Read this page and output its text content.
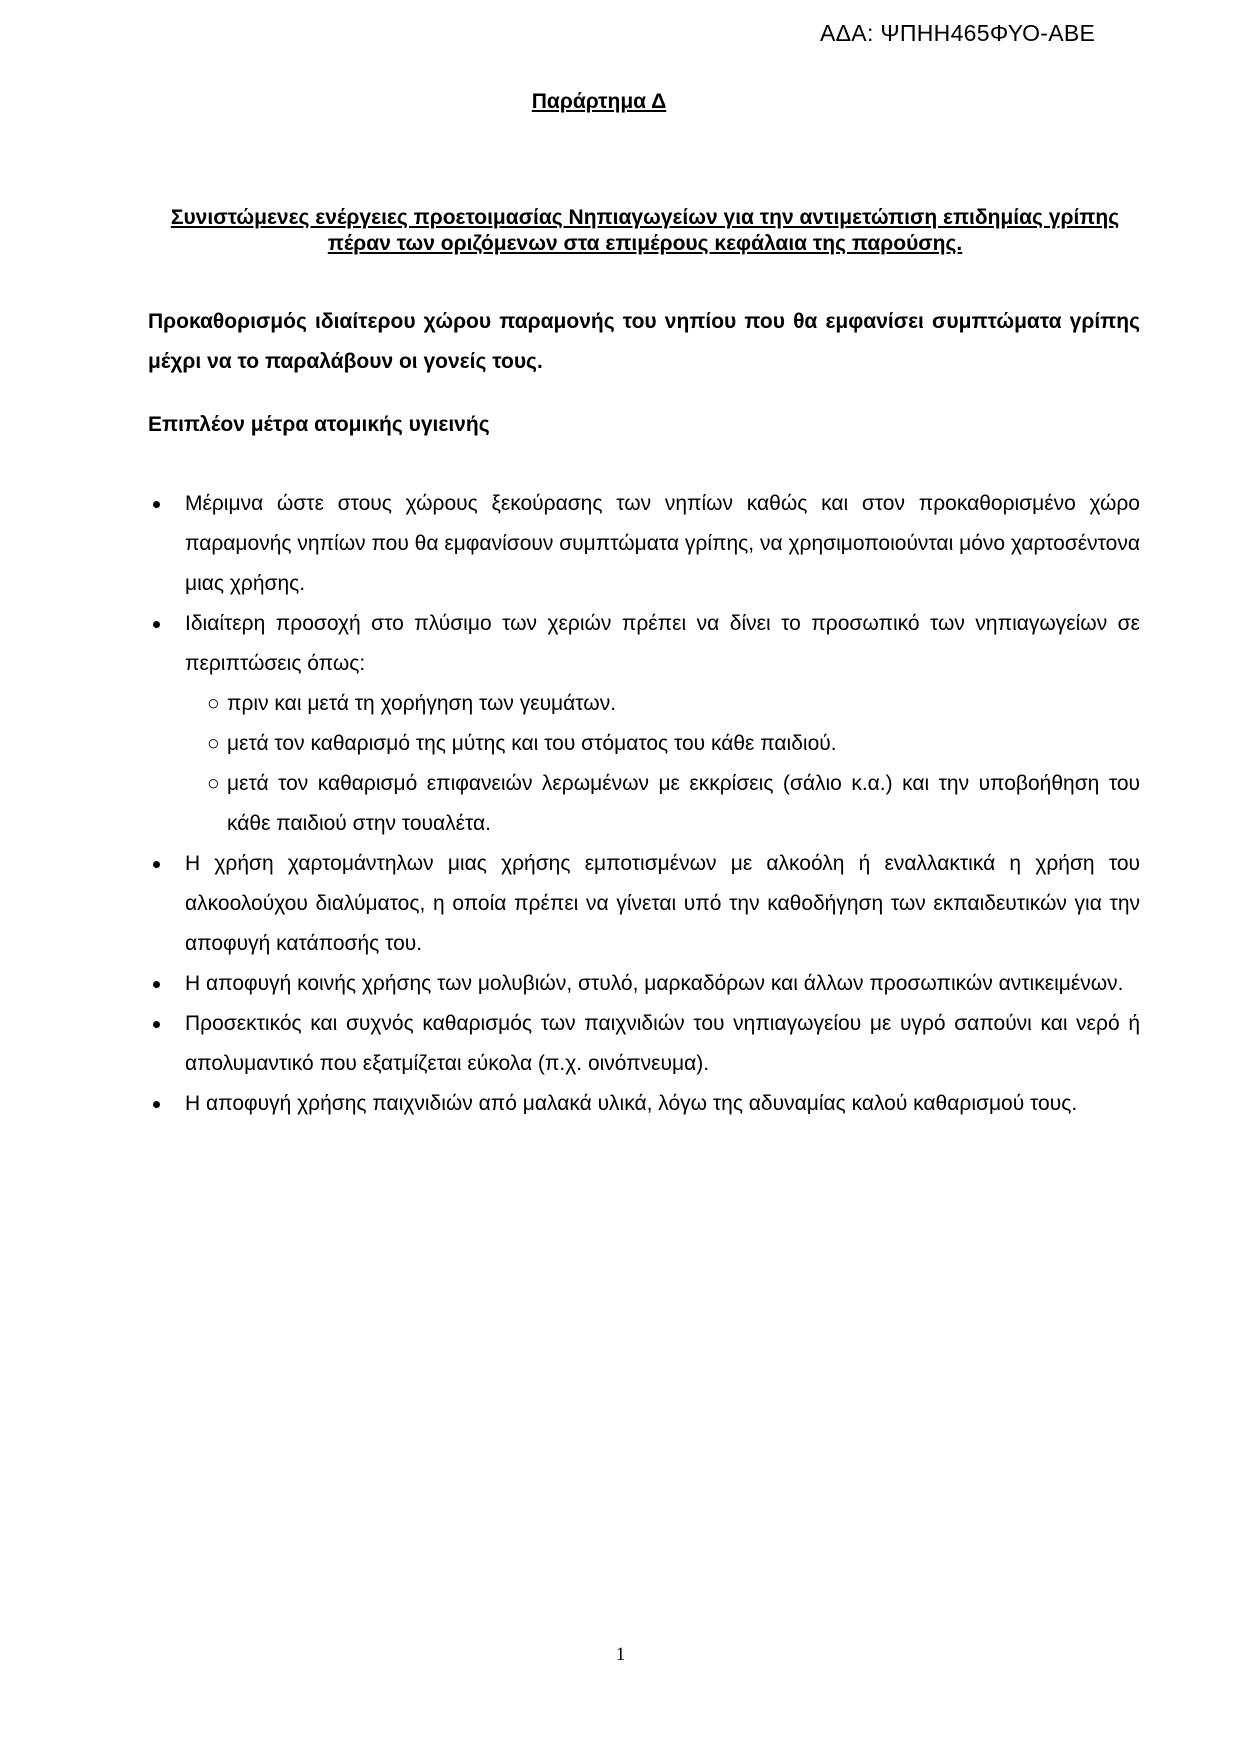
ΑΔΑ: ΨΠΗΗ465ΦΥΟ-ΑΒΕ
Παράρτημα Δ
Συνιστώμενες ενέργειες προετοιμασίας Νηπιαγωγείων για την αντιμετώπιση επιδημίας γρίπης πέραν των οριζόμενων στα επιμέρους κεφάλαια της παρούσης.
Προκαθορισμός ιδιαίτερου χώρου παραμονής του νηπίου που θα εμφανίσει συμπτώματα γρίπης μέχρι να το παραλάβουν οι γονείς τους.
Επιπλέον μέτρα ατομικής υγιεινής
Μέριμνα ώστε στους χώρους ξεκούρασης των νηπίων καθώς και στον προκαθορισμένο χώρο παραμονής νηπίων που θα εμφανίσουν συμπτώματα γρίπης, να χρησιμοποιούνται μόνο χαρτοσέντονα μιας χρήσης.
Ιδιαίτερη προσοχή στο πλύσιμο των χεριών πρέπει να δίνει το προσωπικό των νηπιαγωγείων σε περιπτώσεις όπως:
○ πριν και μετά τη χορήγηση των γευμάτων.
○ μετά τον καθαρισμό της μύτης και του στόματος του κάθε παιδιού.
○ μετά τον καθαρισμό επιφανειών λερωμένων με εκκρίσεις (σάλιο κ.α.) και την υποβοήθηση του κάθε παιδιού στην τουαλέτα.
Η χρήση χαρτομάντηλων μιας χρήσης εμποτισμένων με αλκοόλη ή εναλλακτικά η χρήση του αλκοολούχου διαλύματος, η οποία πρέπει να γίνεται υπό την καθοδήγηση των εκπαιδευτικών για την αποφυγή κατάποσής του.
Η αποφυγή κοινής χρήσης των μολυβιών, στυλό, μαρκαδόρων και άλλων προσωπικών αντικειμένων.
Προσεκτικός και συχνός καθαρισμός των παιχνιδιών του νηπιαγωγείου με υγρό σαπούνι και νερό ή απολυμαντικό που εξατμίζεται εύκολα (π.χ. οινόπνευμα).
Η αποφυγή χρήσης παιχνιδιών από μαλακά υλικά, λόγω της αδυναμίας καλού καθαρισμού τους.
1
